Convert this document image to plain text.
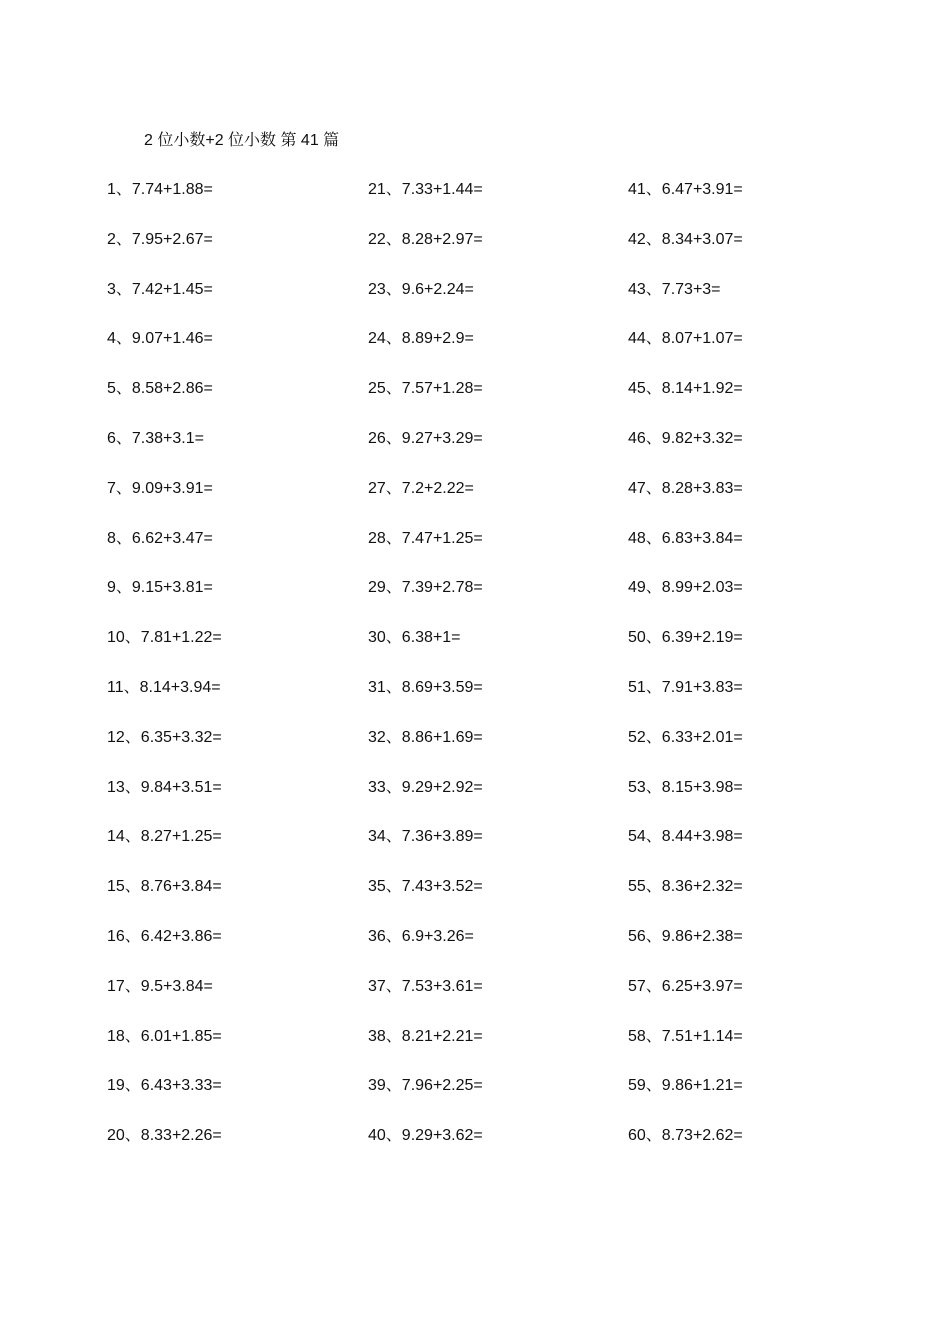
2 位小数+2 位小数 第 41 篇
1、7.74+1.88=
2、7.95+2.67=
3、7.42+1.45=
4、9.07+1.46=
5、8.58+2.86=
6、7.38+3.1=
7、9.09+3.91=
8、6.62+3.47=
9、9.15+3.81=
10、7.81+1.22=
11、8.14+3.94=
12、6.35+3.32=
13、9.84+3.51=
14、8.27+1.25=
15、8.76+3.84=
16、6.42+3.86=
17、9.5+3.84=
18、6.01+1.85=
19、6.43+3.33=
20、8.33+2.26=
21、7.33+1.44=
22、8.28+2.97=
23、9.6+2.24=
24、8.89+2.9=
25、7.57+1.28=
26、9.27+3.29=
27、7.2+2.22=
28、7.47+1.25=
29、7.39+2.78=
30、6.38+1=
31、8.69+3.59=
32、8.86+1.69=
33、9.29+2.92=
34、7.36+3.89=
35、7.43+3.52=
36、6.9+3.26=
37、7.53+3.61=
38、8.21+2.21=
39、7.96+2.25=
40、9.29+3.62=
41、6.47+3.91=
42、8.34+3.07=
43、7.73+3=
44、8.07+1.07=
45、8.14+1.92=
46、9.82+3.32=
47、8.28+3.83=
48、6.83+3.84=
49、8.99+2.03=
50、6.39+2.19=
51、7.91+3.83=
52、6.33+2.01=
53、8.15+3.98=
54、8.44+3.98=
55、8.36+2.32=
56、9.86+2.38=
57、6.25+3.97=
58、7.51+1.14=
59、9.86+1.21=
60、8.73+2.62=
